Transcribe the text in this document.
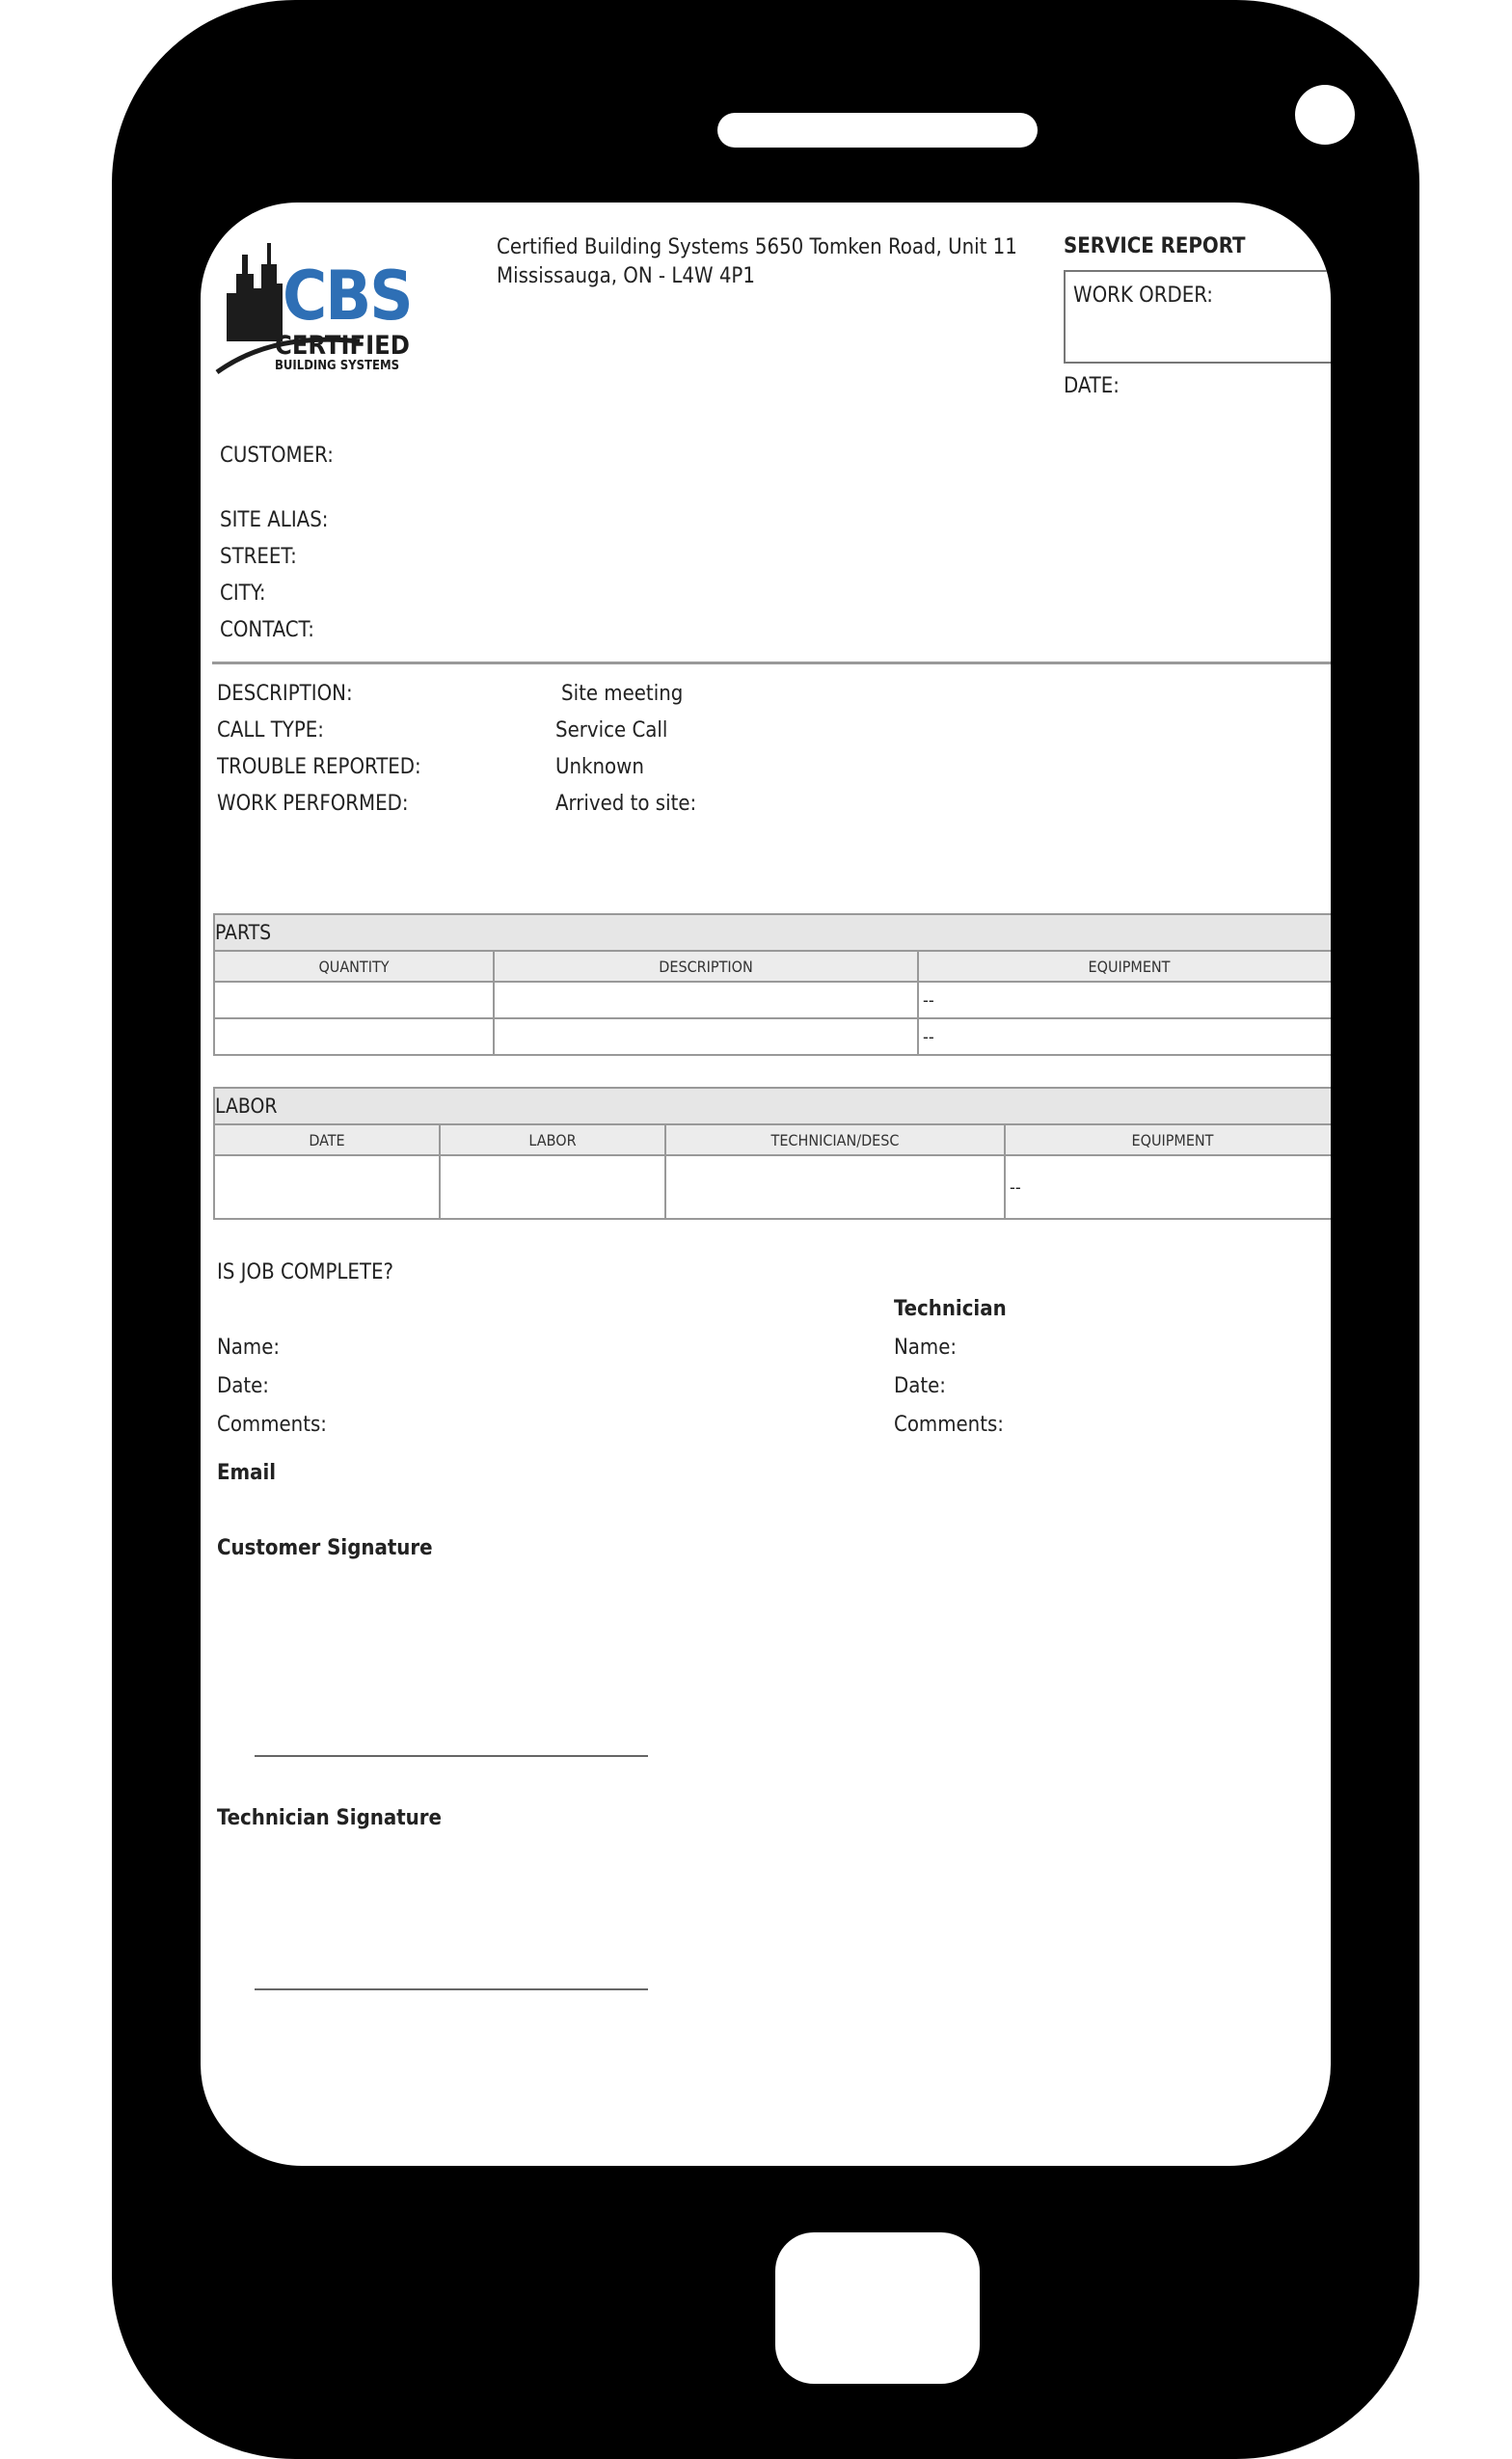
CBS
CERTIFIED
BUILDING SYSTEMS
Certified Building Systems 5650 Tomken Road, Unit 11
Mississauga, ON - L4W 4P1
SERVICE REPORT
WORK ORDER:
DATE:
CUSTOMER:
SITE ALIAS:
STREET:
CITY:
CONTACT:
DESCRIPTION:	Site meeting
CALL TYPE:	Service Call
TROUBLE REPORTED:	Unknown
WORK PERFORMED:	Arrived to site:
PARTS		
QUANTITY	DESCRIPTION	EQUIPMENT
		--
		--
LABOR			
DATE	LABOR	TECHNICIAN/DESC	EQUIPMENT
			--
IS JOB COMPLETE?
Technician
Name:
Date:
Comments:
Name:
Date:
Comments:
Email
Customer Signature
Technician Signature
